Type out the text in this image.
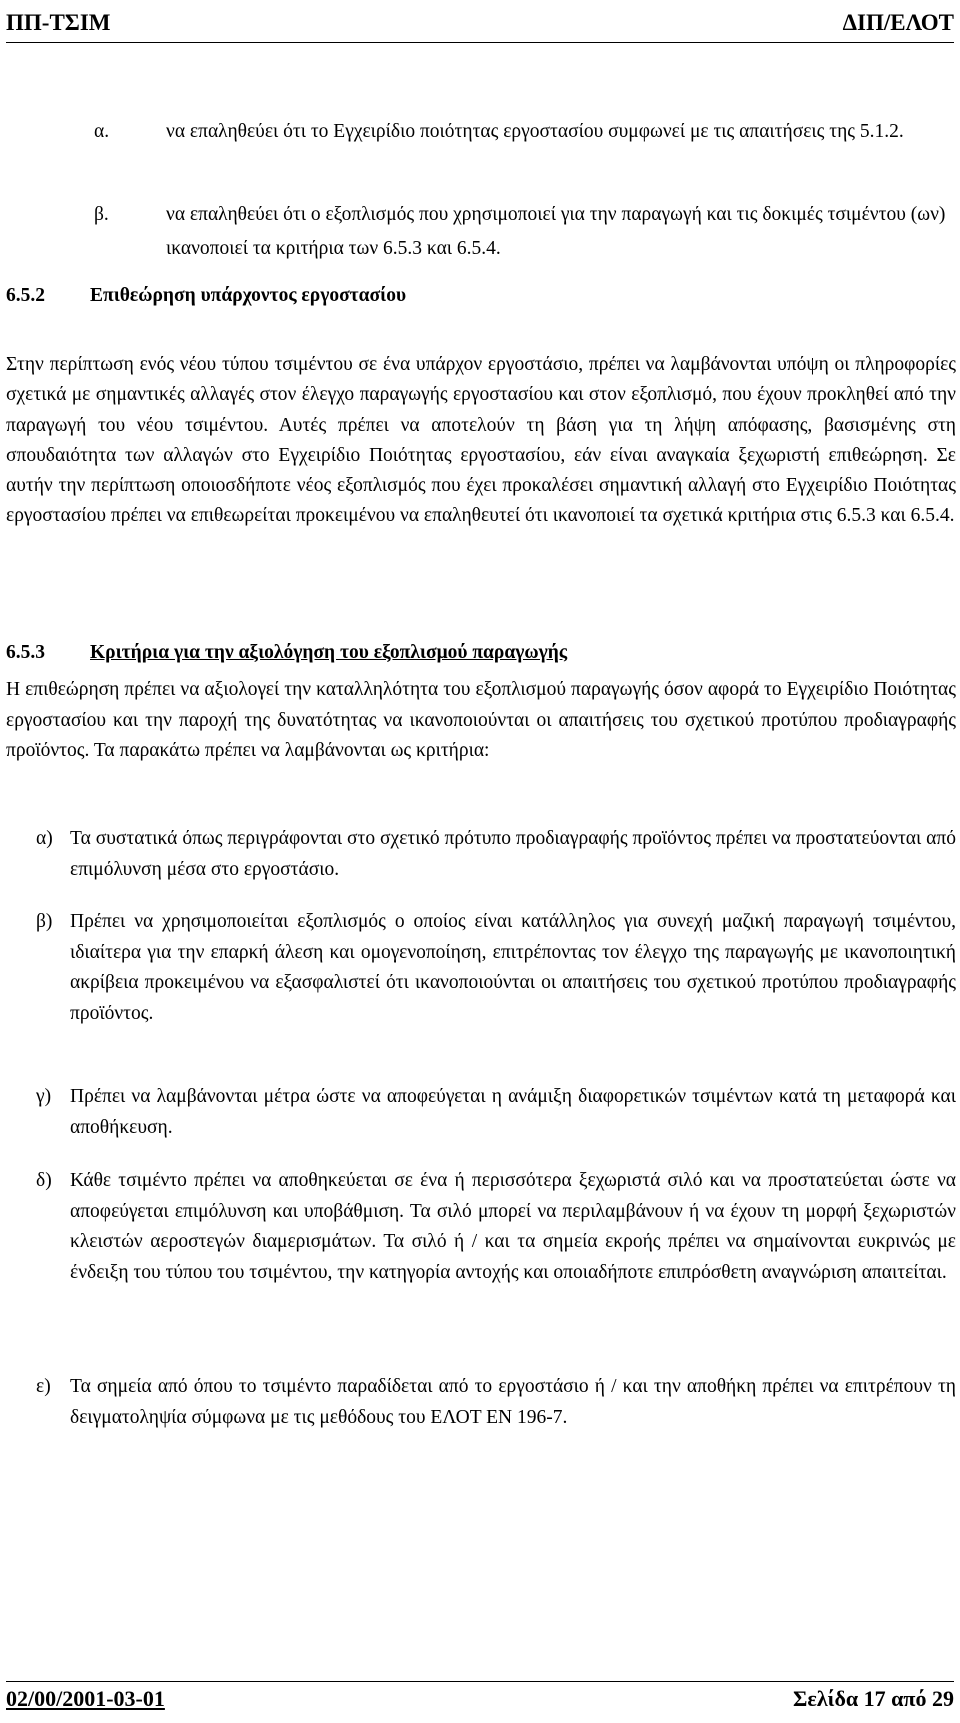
ΠΠ-ΤΣΙΜ	ΔΙΠ/ΕΛΟΤ
α.	να επαληθεύει ότι το Εγχειρίδιο ποιότητας εργοστασίου συμφωνεί με τις απαιτήσεις της 5.1.2.
β.	να επαληθεύει ότι ο εξοπλισμός που χρησιμοποιεί για την παραγωγή και τις δοκιμές τσιμέντου (ων) ικανοποιεί τα κριτήρια των 6.5.3 και 6.5.4.
6.5.2 Επιθεώρηση υπάρχοντος εργοστασίου
Στην περίπτωση ενός νέου τύπου τσιμέντου σε ένα υπάρχον εργοστάσιο, πρέπει να λαμβάνονται υπόψη οι πληροφορίες σχετικά με σημαντικές αλλαγές στον έλεγχο παραγωγής εργοστασίου και στον εξοπλισμό, που έχουν προκληθεί από την παραγωγή του νέου τσιμέντου. Αυτές πρέπει να αποτελούν τη βάση για τη λήψη απόφασης, βασισμένης στη σπουδαιότητα των αλλαγών στο Εγχειρίδιο Ποιότητας εργοστασίου, εάν είναι αναγκαία ξεχωριστή επιθεώρηση. Σε αυτήν την περίπτωση οποιοσδήποτε νέος εξοπλισμός που έχει προκαλέσει σημαντική αλλαγή στο Εγχειρίδιο Ποιότητας εργοστασίου πρέπει να επιθεωρείται προκειμένου να επαληθευτεί ότι ικανοποιεί τα σχετικά κριτήρια στις 6.5.3 και 6.5.4.
6.5.3 Κριτήρια για την αξιολόγηση του εξοπλισμού παραγωγής
Η επιθεώρηση πρέπει να αξιολογεί την καταλληλότητα του εξοπλισμού παραγωγής όσον αφορά το Εγχειρίδιο Ποιότητας εργοστασίου και την παροχή της δυνατότητας να ικανοποιούνται οι απαιτήσεις του σχετικού προτύπου προδιαγραφής προϊόντος. Τα παρακάτω πρέπει να λαμβάνονται ως κριτήρια:
α) Τα συστατικά όπως περιγράφονται στο σχετικό πρότυπο προδιαγραφής προϊόντος πρέπει να προστατεύονται από επιμόλυνση μέσα στο εργοστάσιο.
β) Πρέπει να χρησιμοποιείται εξοπλισμός ο οποίος είναι κατάλληλος για συνεχή μαζική παραγωγή τσιμέντου, ιδιαίτερα για την επαρκή άλεση και ομογενοποίηση, επιτρέποντας τον έλεγχο της παραγωγής με ικανοποιητική ακρίβεια προκειμένου να εξασφαλιστεί ότι ικανοποιούνται οι απαιτήσεις του σχετικού προτύπου προδιαγραφής προϊόντος.
γ) Πρέπει να λαμβάνονται μέτρα ώστε να αποφεύγεται η ανάμιξη διαφορετικών τσιμέντων κατά τη μεταφορά και αποθήκευση.
δ) Κάθε τσιμέντο πρέπει να αποθηκεύεται σε ένα ή περισσότερα ξεχωριστά σιλό και να προστατεύεται ώστε να αποφεύγεται επιμόλυνση και υποβάθμιση. Τα σιλό μπορεί να περιλαμβάνουν ή να έχουν τη μορφή ξεχωριστών κλειστών αεροστεγών διαμερισμάτων. Τα σιλό ή / και τα σημεία εκροής πρέπει να σημαίνονται ευκρινώς με ένδειξη του τύπου του τσιμέντου, την κατηγορία αντοχής και οποιαδήποτε επιπρόσθετη αναγνώριση απαιτείται.
ε) Τα σημεία από όπου το τσιμέντο παραδίδεται από το εργοστάσιο ή / και την αποθήκη πρέπει να επιτρέπουν τη δειγματοληψία σύμφωνα με τις μεθόδους του ΕΛΟΤ ΕΝ 196-7.
02/00/2001-03-01	Σελίδα 17 από 29
